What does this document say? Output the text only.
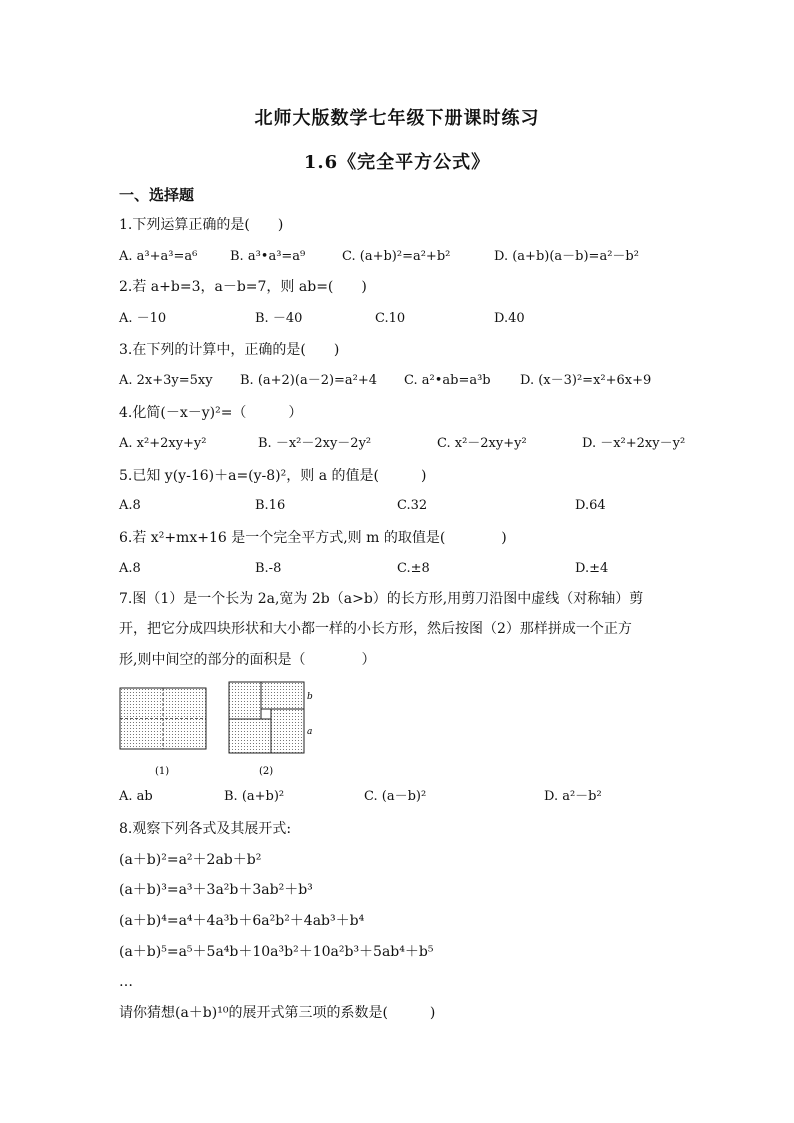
北师大版数学七年级下册课时练习
1.6《完全平方公式》
一、选择题
1.下列运算正确的是(　　)
A. a³+a³=a⁶	B. a³•a³=a⁹	C. (a+b)²=a²+b²	D. (a+b)(a－b)=a²－b²
2.若 a+b=3，a－b=7，则 ab=(　　)
A. －10	B. －40	C.10	D.40
3.在下列的计算中，正确的是(　　)
A. 2x+3y=5xy B. (a+2)(a－2)=a²+4 C. a²•ab=a³b D. (x－3)²=x²+6x+9
4.化简(－x－y)²=（　　　）
A. x²+2xy+y²	B. －x²－2xy－2y²	C. x²－2xy+y²	D. －x²+2xy－y²
5.已知 y(y-16)＋a=(y-8)²，则 a 的值是(　　　)
A.8	B.16	C.32	D.64
6.若 x²+mx+16 是一个完全平方式,则 m 的取值是(　　　　)
A.8	B.-8	C.±8	D.±4
7.图（1）是一个长为 2a,宽为 2b（a>b）的长方形,用剪刀沿图中虚线（对称轴）剪
开，把它分成四块形状和大小都一样的小长方形，然后按图（2）那样拼成一个正方
形,则中间空的部分的面积是（　　　　）
(1)
b
a
(2)
A. ab	B. (a+b)²	C. (a－b)²	D. a²－b²
8.观察下列各式及其展开式:
(a＋b)²=a²＋2ab＋b²
(a＋b)³=a³＋3a²b＋3ab²＋b³
(a＋b)⁴=a⁴＋4a³b＋6a²b²＋4ab³＋b⁴
(a＋b)⁵=a⁵＋5a⁴b＋10a³b²＋10a²b³＋5ab⁴＋b⁵
…
请你猜想(a＋b)¹⁰的展开式第三项的系数是(　　　)
